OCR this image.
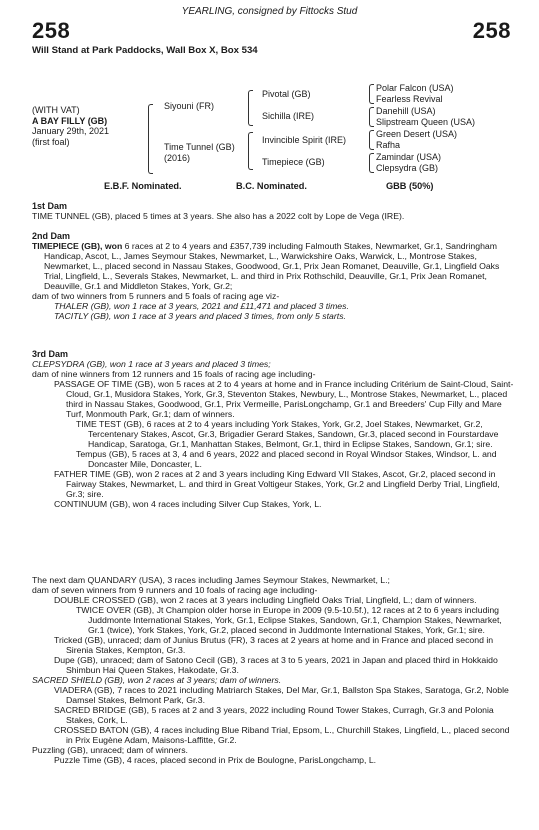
YEARLING, consigned by Fittocks Stud
258	258
Will Stand at Park Paddocks, Wall Box X, Box 534
(WITH VAT)
A BAY FILLY (GB)
January 29th, 2021
(first foal)
Siyouni (FR)
Time Tunnel (GB)
(2016)
Pivotal (GB)
Sichilla (IRE)
Invincible Spirit (IRE)
Timepiece (GB)
Polar Falcon (USA)
Fearless Revival
Danehill (USA)
Slipstream Queen (USA)
Green Desert (USA)
Rafha
Zamindar (USA)
Clepsydra (GB)
E.B.F. Nominated.	B.C. Nominated.	GBB (50%)

1st Dam

TIME TUNNEL (GB), placed 5 times at 3 years. She also has a 2022 colt by Lope de Vega (IRE).

2nd Dam

TIMEPIECE (GB), won 6 races at 2 to 4 years and £357,739 including Falmouth Stakes, Newmarket, Gr.1, Sandringham Handicap, Ascot, L., James Seymour Stakes, Newmarket, L., Warwickshire Oaks, Warwick, L., Montrose Stakes, Newmarket, L., placed second in Nassau Stakes, Goodwood, Gr.1, Prix Jean Romanet, Deauville, Gr.1, Lingfield Oaks Trial, Lingfield, L., Severals Stakes, Newmarket, L. and third in Prix Rothschild, Deauville, Gr.1, Prix Jean Romanet, Deauville, Gr.1 and Middleton Stakes, York, Gr.2;

dam of two winners from 5 runners and 5 foals of racing age viz-

THALER (GB), won 1 race at 3 years, 2021 and £11,471 and placed 3 times.

TACITLY (GB), won 1 race at 3 years and placed 3 times, from only 5 starts.

3rd Dam

CLEPSYDRA (GB), won 1 race at 3 years and placed 3 times;

dam of nine winners from 12 runners and 15 foals of racing age including-

PASSAGE OF TIME (GB), won 5 races at 2 to 4 years at home and in France including Critérium de Saint-Cloud, Saint-Cloud, Gr.1, Musidora Stakes, York, Gr.3, Steventon Stakes, Newbury, L., Montrose Stakes, Newmarket, L., placed third in Nassau Stakes, Goodwood, Gr.1, Prix Vermeille, ParisLongchamp, Gr.1 and Breeders' Cup Filly and Mare Turf, Monmouth Park, Gr.1; dam of winners.

TIME TEST (GB), 6 races at 2 to 4 years including York Stakes, York, Gr.2, Joel Stakes, Newmarket, Gr.2, Tercentenary Stakes, Ascot, Gr.3, Brigadier Gerard Stakes, Sandown, Gr.3, placed second in Fourstardave Handicap, Saratoga, Gr.1, Manhattan Stakes, Belmont, Gr.1, third in Eclipse Stakes, Sandown, Gr.1; sire.

Tempus (GB), 5 races at 3, 4 and 6 years, 2022 and placed second in Royal Windsor Stakes, Windsor, L. and Doncaster Mile, Doncaster, L.

FATHER TIME (GB), won 2 races at 2 and 3 years including King Edward VII Stakes, Ascot, Gr.2, placed second in Fairway Stakes, Newmarket, L. and third in Great Voltigeur Stakes, York, Gr.2 and Lingfield Derby Trial, Lingfield, Gr.3; sire.

CONTINUUM (GB), won 4 races including Silver Cup Stakes, York, L.

The next dam QUANDARY (USA), 3 races including James Seymour Stakes, Newmarket, L.;

dam of seven winners from 9 runners and 10 foals of racing age including-

DOUBLE CROSSED (GB), won 2 races at 3 years including Lingfield Oaks Trial, Lingfield, L.; dam of winners.

TWICE OVER (GB), Jt Champion older horse in Europe in 2009 (9.5-10.5f.), 12 races at 2 to 6 years including Juddmonte International Stakes, York, Gr.1, Eclipse Stakes, Sandown, Gr.1, Champion Stakes, Newmarket, Gr.1 (twice), York Stakes, York, Gr.2, placed second in Juddmonte International Stakes, York, Gr.1; sire.

Tricked (GB), unraced; dam of Junius Brutus (FR), 3 races at 2 years at home and in France and placed second in Sirenia Stakes, Kempton, Gr.3.

Dupe (GB), unraced; dam of Satono Cecil (GB), 3 races at 3 to 5 years, 2021 in Japan and placed third in Hokkaido Shimbun Hai Queen Stakes, Hakodate, Gr.3.

SACRED SHIELD (GB), won 2 races at 3 years; dam of winners.

VIADERA (GB), 7 races to 2021 including Matriarch Stakes, Del Mar, Gr.1, Ballston Spa Stakes, Saratoga, Gr.2, Noble Damsel Stakes, Belmont Park, Gr.3.

SACRED BRIDGE (GB), 5 races at 2 and 3 years, 2022 including Round Tower Stakes, Curragh, Gr.3 and Polonia Stakes, Cork, L.

CROSSED BATON (GB), 4 races including Blue Riband Trial, Epsom, L., Churchill Stakes, Lingfield, L., placed second in Prix Eugène Adam, Maisons-Laffitte, Gr.2.

Puzzling (GB), unraced; dam of winners.

Puzzle Time (GB), 4 races, placed second in Prix de Boulogne, ParisLongchamp, L.
